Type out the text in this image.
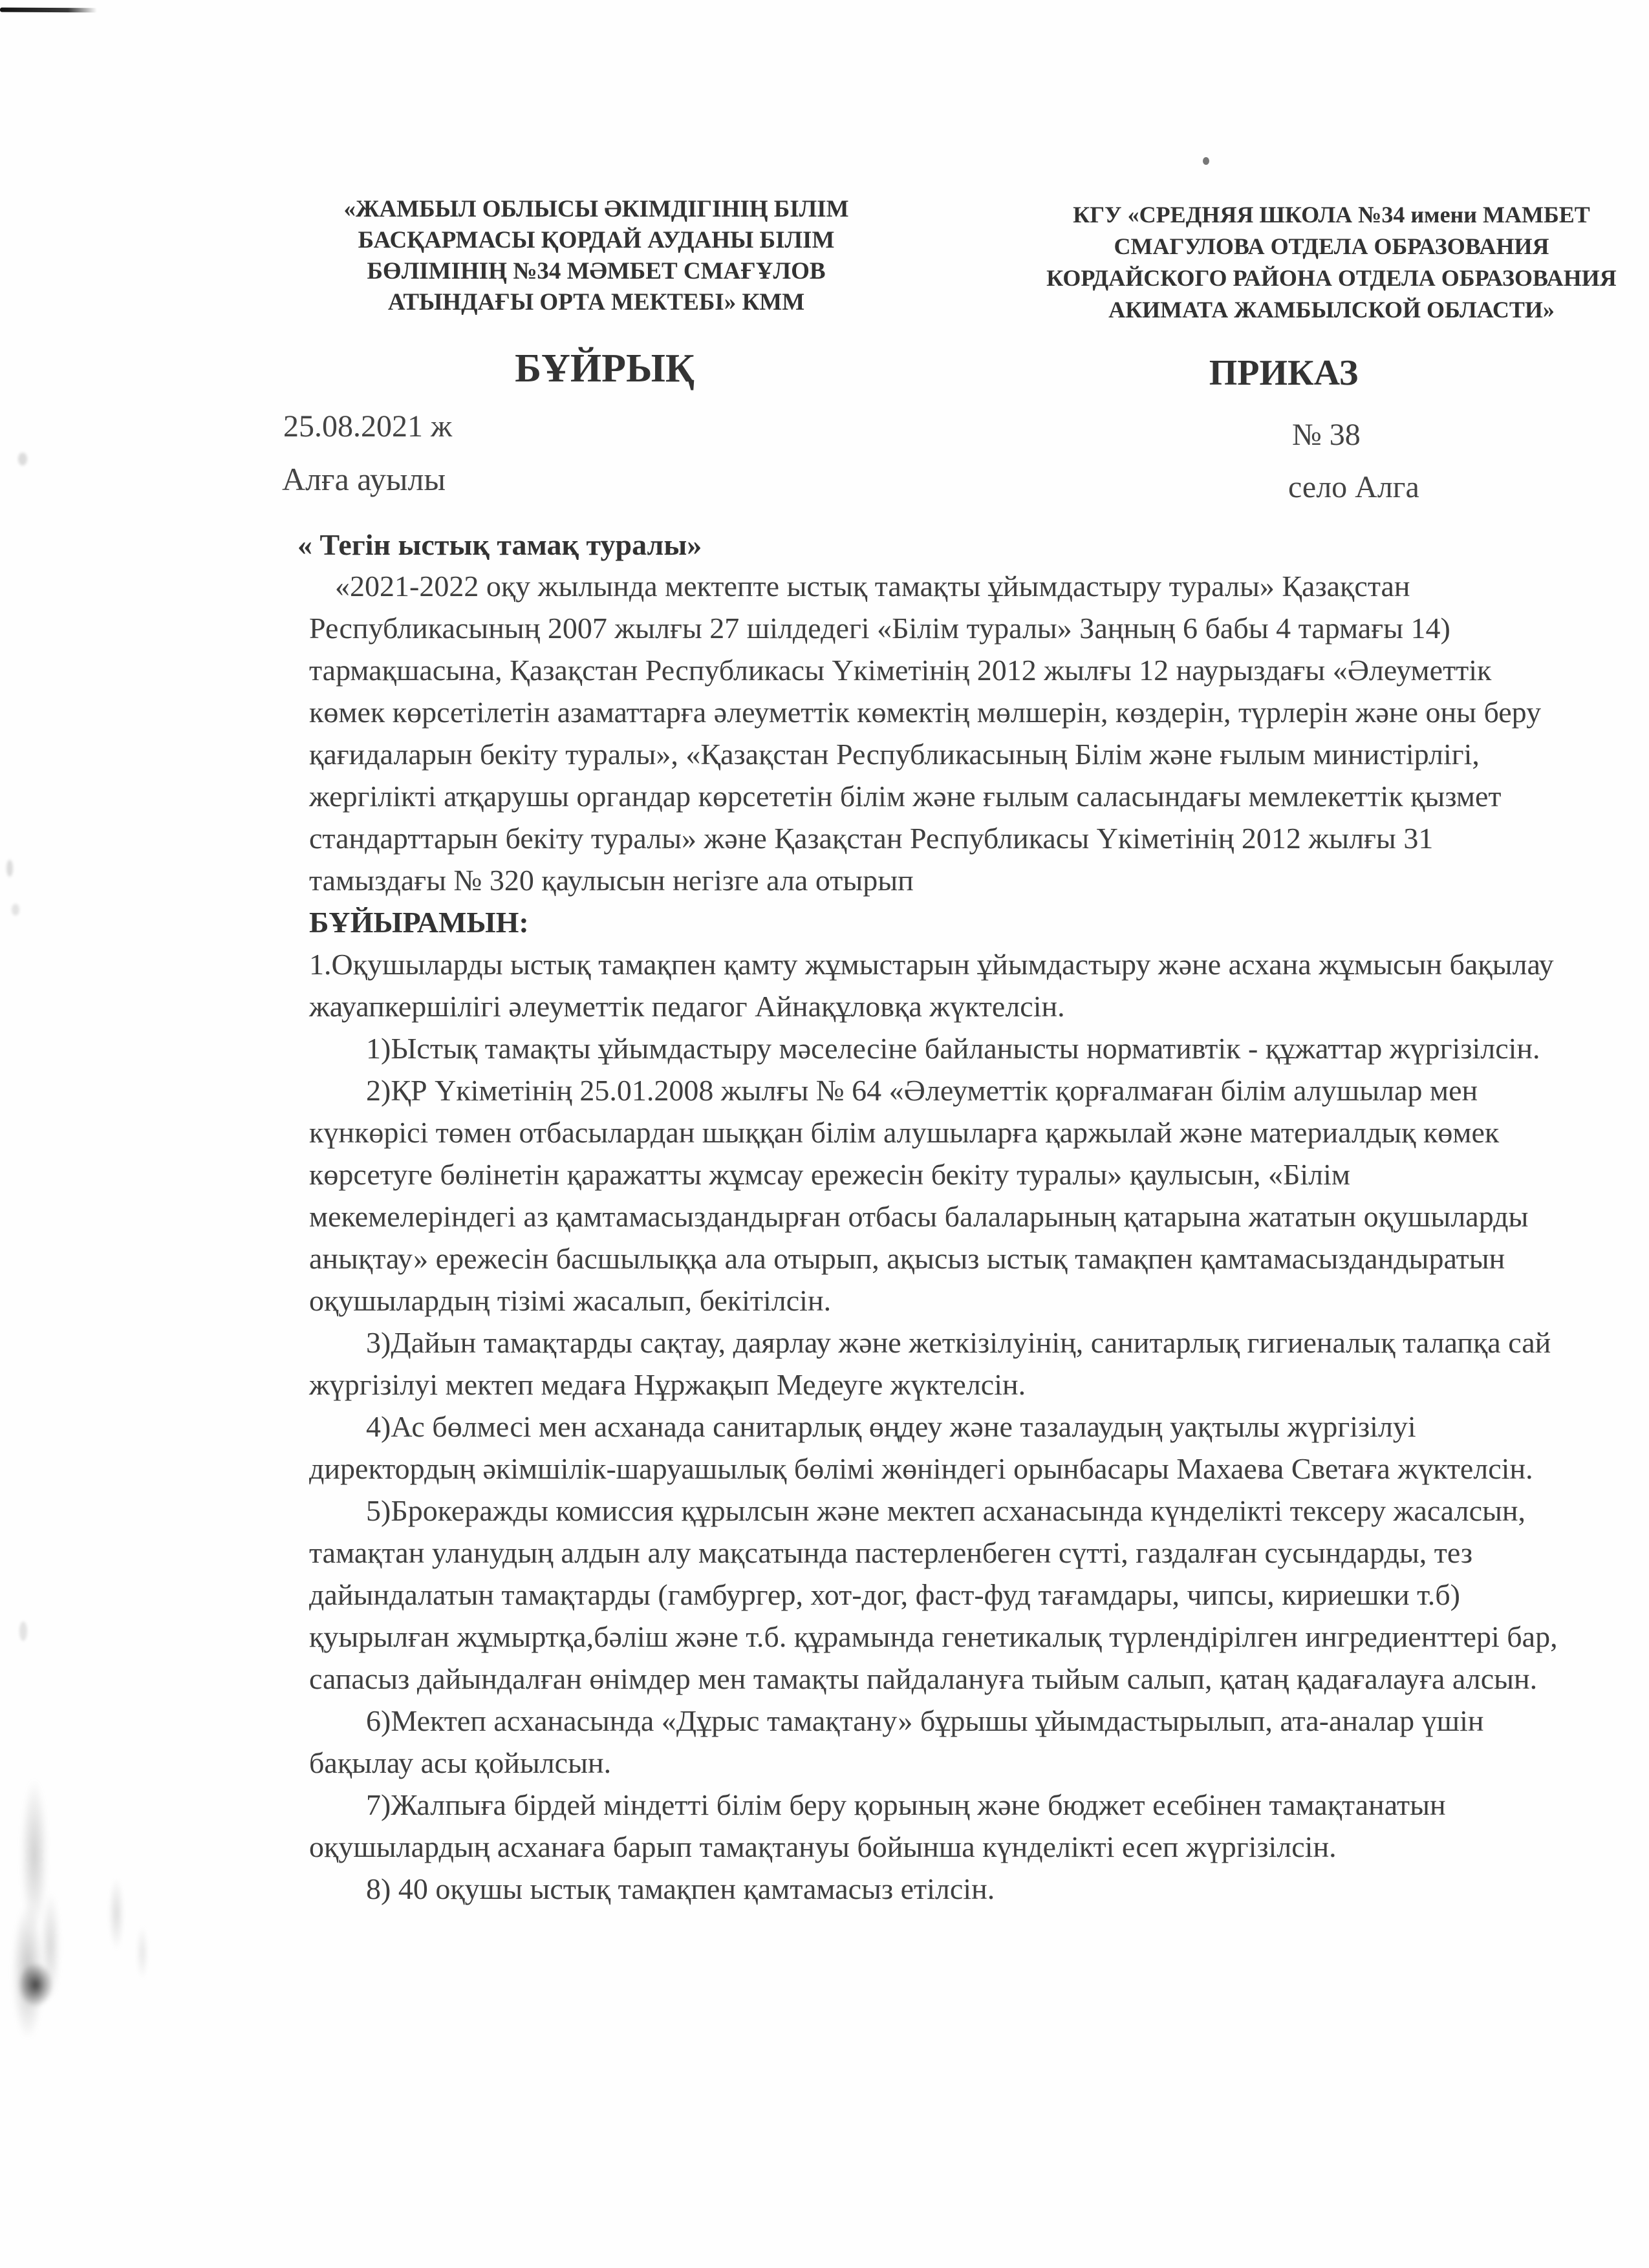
«ЖАМБЫЛ ОБЛЫСЫ ӘКІМДІГІНІҢ БІЛІМ БАСҚАРМАСЫ ҚОРДАЙ АУДАНЫ БІЛІМ БӨЛІМІНІҢ №34 МӘМБЕТ СМАҒҰЛОВ АТЫНДАҒЫ ОРТА МЕКТЕБІ» КММ
КГУ «СРЕДНЯЯ ШКОЛА №34 имени МАМБЕТ СМАГУЛОВА ОТДЕЛА ОБРАЗОВАНИЯ КОРДАЙСКОГО РАЙОНА ОТДЕЛА ОБРАЗОВАНИЯ АКИМАТА ЖАМБЫЛСКОЙ ОБЛАСТИ»
БҰЙРЫҚ	ПРИКАЗ
25.08.2021 ж	№ 38
Алға ауылы	село Алга
« Тегін ыстық тамақ туралы»

«2021-2022 оқу жылында мектепте ыстық тамақты ұйымдастыру туралы» Қазақстан Республикасының 2007 жылғы 27 шілдедегі «Білім туралы» Заңның 6 бабы 4 тармағы 14) тармақшасына, Қазақстан Республикасы Үкіметінің 2012 жылғы 12 наурыздағы «Әлеуметтік көмек көрсетілетін азаматтарға әлеуметтік көмектің мөлшерін, көздерін, түрлерін және оны беру қағидаларын бекіту туралы», «Қазақстан Республикасының Білім және ғылым министірлігі, жергілікті атқарушы органдар көрсететін білім және ғылым саласындағы мемлекеттік қызмет стандарттарын бекіту туралы» және Қазақстан Республикасы Үкіметінің 2012 жылғы 31 тамыздағы № 320 қаулысын негізге ала отырып

БҰЙЫРАМЫН:

1.Оқушыларды ыстық тамақпен қамту жұмыстарын ұйымдастыру және асхана жұмысын бақылау жауапкершілігі әлеуметтік педагог Айнақұловқа жүктелсін.

1)Ыстық тамақты ұйымдастыру мәселесіне байланысты нормативтік - құжаттар жүргізілсін.

2)ҚР Үкіметінің 25.01.2008 жылғы № 64 «Әлеуметтік қорғалмаған білім алушылар мен күнкөрісі төмен отбасылардан шыққан білім алушыларға қаржылай және материалдық көмек көрсетуге бөлінетін қаражатты жұмсау ережесін бекіту туралы» қаулысын, «Білім мекемелеріндегі аз қамтамасыздандырған отбасы балаларының қатарына жататын оқушыларды анықтау» ережесін басшылыққа ала отырып, ақысыз ыстық тамақпен қамтамасыздандыратын оқушылардың тізімі жасалып, бекітілсін.

3)Дайын тамақтарды сақтау, даярлау және жеткізілуінің, санитарлық гигиеналық талапқа сай жүргізілуі мектеп медаға Нұржақып Медеуге жүктелсін.

4)Ас бөлмесі мен асханада санитарлық өңдеу және тазалаудың уақтылы жүргізілуі директордың әкімшілік-шаруашылық бөлімі жөніндегі орынбасары Махаева Светаға жүктелсін.

5)Брокеражды комиссия құрылсын және мектеп асханасында күнделікті тексеру жасалсын, тамақтан уланудың алдын алу мақсатында пастерленбеген сүтті, газдалған сусындарды, тез дайындалатын тамақтарды (гамбургер, хот-дог, фаст-фуд тағамдары, чипсы, кириешки т.б) қуырылған жұмыртқа,бәліш және т.б. құрамында генетикалық түрлендірілген ингредиенттері бар, сапасыз дайындалған өнімдер мен тамақты пайдалануға тыйым салып, қатаң қадағалауға алсын.

6)Мектеп асханасында «Дұрыс тамақтану» бұрышы ұйымдастырылып, ата-аналар үшін бақылау асы қойылсын.

7)Жалпыға бірдей міндетті білім беру қорының және бюджет есебінен тамақтанатын оқушылардың асханаға барып тамақтануы бойынша күнделікті есеп жүргізілсін.

8) 40 оқушы ыстық тамақпен қамтамасыз етілсін.
